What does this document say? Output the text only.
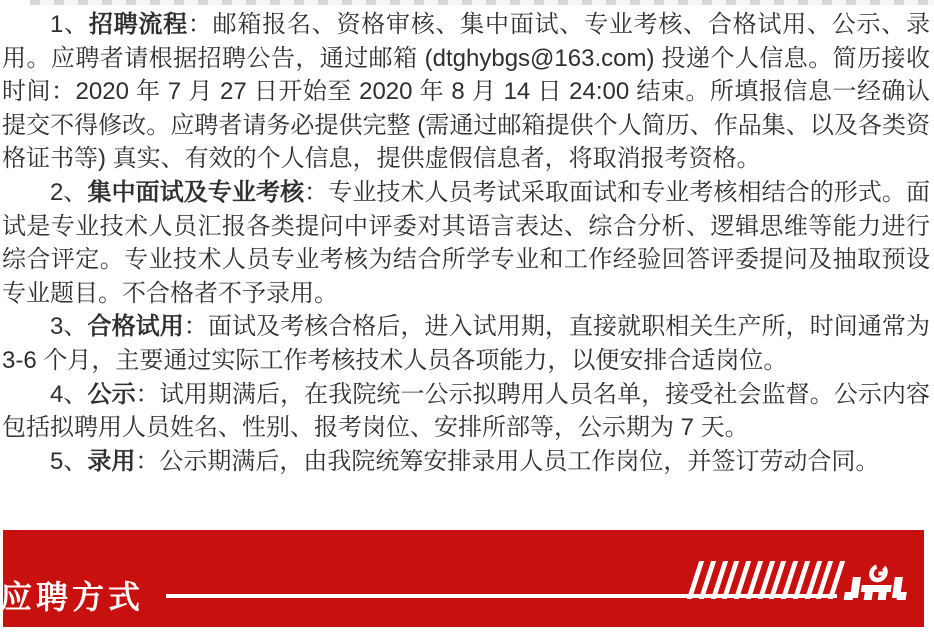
1、招聘流程：邮箱报名、资格审核、集中面试、专业考核、合格试用、公示、录用。应聘者请根据招聘公告，通过邮箱 (dtghybgs@163.com) 投递个人信息。简历接收时间：2020 年 7 月 27 日开始至 2020 年 8 月 14 日 24:00 结束。所填报信息一经确认提交不得修改。应聘者请务必提供完整 (需通过邮箱提供个人简历、作品集、以及各类资格证书等) 真实、有效的个人信息，提供虚假信息者，将取消报考资格。

2、集中面试及专业考核：专业技术人员考试采取面试和专业考核相结合的形式。面试是专业技术人员汇报各类提问中评委对其语言表达、综合分析、逻辑思维等能力进行综合评定。专业技术人员专业考核为结合所学专业和工作经验回答评委提问及抽取预设专业题目。不合格者不予录用。

3、合格试用：面试及考核合格后，进入试用期，直接就职相关生产所，时间通常为 3-6 个月，主要通过实际工作考核技术人员各项能力，以便安排合适岗位。

4、公示：试用期满后，在我院统一公示拟聘用人员名单，接受社会监督。公示内容包括拟聘用人员姓名、性别、报考岗位、安排所部等，公示期为 7 天。

5、录用：公示期满后，由我院统筹安排录用人员工作岗位，并签订劳动合同。

应聘方式
